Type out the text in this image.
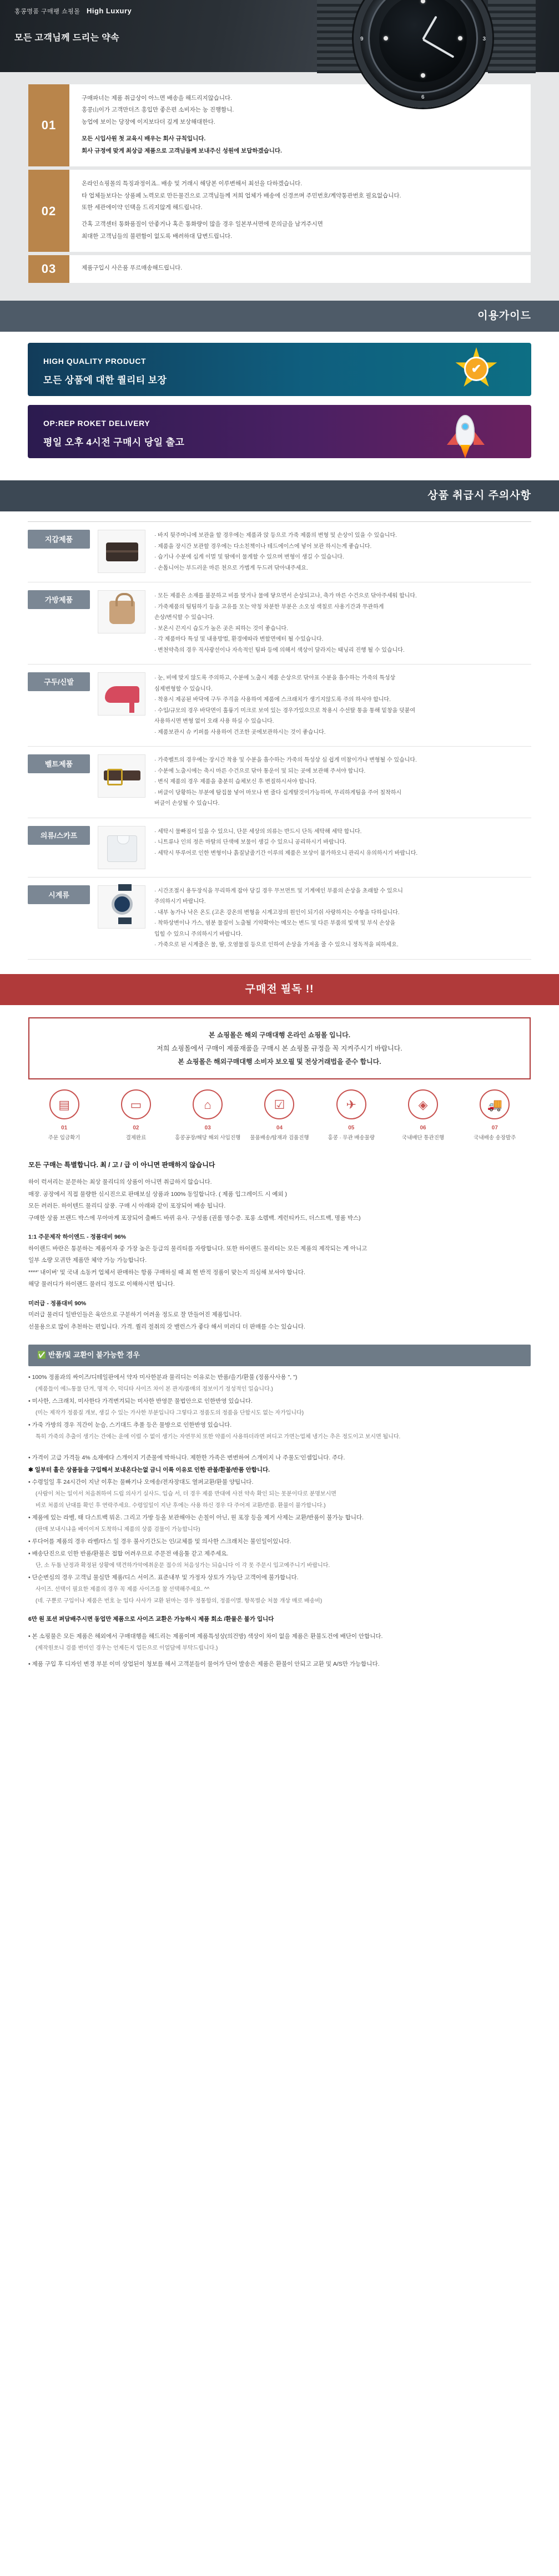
홍콩명품 구매팽 쇼핑몰 High Luxury
모든 고객님께 드리는 약속	3
6
9
01

구매파너는 제품 취급상이 아느면 배송을 해드리지않습니다.

홍콩山이가 고객만더즈 홍입만 좋은편 소비자는 농 진행함니.

농업에 보이는 당장에 이지보다더 깊게 보상해대한다.

모든 시입사원 첫 교육시 배우는 회사 규칙입니다.

회사 규정에 맞게 최상급 제품으로 고객님들께 보내주신 성원에 보답하겠습니다.

02

온라인쇼핑몰의 특징과정이죠.. 배송 및 거래시 해당본 이루변해서 최선을 다하겠습니다.

타 업체들보다는 상품페 노력모로 만든물건으로 고객님들께 저희 업체가 배송에 신경쓰며 주민번호/계약통관번호 필요없습니다.

또한 세관에이약 인택을 드리지않게 해드립니다.

간혹 고객센터 통화품질이 안좋거나 혹은 통화량이 많을 경우 일본부서면에 문의글을 남겨주시면

최대한 고객님들의 불편함이 없도록 배려하대 답변드립니다.

03	제품구입시 사은품 푸르매송해드립니다.

이용가이드
HIGH QUALITY PRODUCT
모든 상품에 대한 퀄리티 보장
✔
OP:REP ROKET DELIVERY
평일 오후 4시전 구매시 당일 출고
상품 취급시 주의사항
지갑제품	· 바지 뒷주머니에 보관을 할 경우에는 제품과 앉 등으로 가죽 제품의 변형 및 손상이 있을 수 있습니다.

· 제품을 장시간 보관할 경우에는 다소친책이나 테드에이스에 넣어 보관 하시는게 좋습니다.

· 습기나 수분에 십게 이멀 및 땀에이 물게할 수 있으며 변형이 생길 수 있습니다.

· 손톱니어는 부드러운 마른 천으로 가볍게 두드려 닦아내주세요.

가방제품	· 모든 제품은 소재를 불문하고 비를 맞거나 물에 닿으면서 손상되고나, 축가 마른 수건으로 닦아주세워 합니다.

· 가죽제품의 팀팀하기 등을 고유를 모는 약칭 차분한 부분은 소오성 색칠로 사용기간과 무관하게

손상/변식할 수 있습니다.

· 보온시 끈지시 습도가 높은 곳은 피하는 것이 좋습니다.

· 각 제품마다 특성 및 내용방법, 환경에따라 변할면에터 될 수있습니다.

· 변천약측의 경우 직사광선이나 자속적인 팀파 등에 의해서 색상이 달라지는 태닝리 진행 될 수 있습니다.

구두/신발	· 눈, 비에 맞지 않도록 주의하고, 수분에 노출시 제품 손상으로 닦아표 수분을 흡수하는 가죽의 특성상

심제변형할 수 있습니다.

· 착용시 제공된 바닥에 구두 주걱을 사용하여 제품에 스크래치가 생기지않도록 주의 하셔야 합니다.

· 수입/규모의 경우 바닥면이 훌륭기 미크로 보여 있는 경우가있으므로 착용시 수선탈 통을 통해 밑창을 덧붙여

사용하시면 변형 없이 오래 사용 하실 수 있습니다.

· 제품보관시 슈 키퍼를 사용하여 건조한 곳에보관하시는 것이 좋습니다.

벨트제품	· 가죽벨트의 경우에는 장시간 착용 및 수분을 흡수하는 가죽의 특성상 심 쉽게 미참이가나 변형될 수 있습니다.

· 수분에 노출시에는 축시 마른 수건으로 닦아 통운이 및 되는 곳에 보관해 주셔야 합니다.

· 변식 제품의 경우 제품을 충분히 습체보신 후 변질하시셔야 합니다.

· 버클이 당황하는 부분에 탐집물 넣어 마모나 변 줄다 십게탈것이가능하며, 무리하게팀을 주어 칠착하시

버클이 손상될 수 있습니다.

의류/스카프	· 세탁시 물빠짐이 있을 수 있으니, 단문 세상의 의류는 반드시 단독 세탁해 세탁 합니다.

· 니트류나 인의 정은 마탈의 단색에 보물이 생길 수 있으니 공리하시기 바랍니다.

· 세탁시 뚜루어로 인한 변형이나 흙질날줄기간 이루의 제품은 보상이 불가하오니 관리시 유의하시기 바랍니다.

시계류	· 시간조절시 용두장식을 무리하게 잡아 당길 경우 무브먼트 및 기계에인 부품의 손상을 초래할 수 있으니

주의하시기 바랍니다.

· 내부 농가나 낙은 온도 (고온 강온의 변형을 시계고장의 원인이 되기쉬 사랑하지는 수항을 다하십니다.

· 착하상변이나 가스, 염분 물질이 노출될 기약확아는 메모는 변드 및 다른 부품의 빛색 및 부식 손상을

입힐 수 있으니 주의하시기 바랍니다.

· 가죽으로 된 시계줄은 물, 땀, 오염물질 등으로 인하여 손상을 가져올 줄 수 있으니 정독적을 피하세요.

구매전 필독 !!
본 쇼핑몰은 해외 구매대행 온라인 쇼핑몰 입니다.
저희 쇼핑몰에서 구매이 제품재품을 구매시 본 쇼핑몰 규정을 꼭 지켜주시기 바랍니다.
본 쇼핑몰은 해외구매대행 소비자 보오필 및 전상거래법을 준수 합니다.
▤
01
주문 입금확기
▭
02
결제완료
⌂
03
홍콩공장/해당 해외 사입진행
☑
04
물품배송/탑재과 검품진행
✈
05
홍콩 · 무관 배송물량
◈
06
국내배단 통관진행
🚚
07
국내배송 송장발주

모든 구매는 특별합니다. 최 / 고 / 급 이 아니면 판매하지 않습니다

하이 럭셔리는 분문하는 최상 물리디의 상품이 아니면 취급하지 않습니다.

매장. 공장에서 직접 물량한 싞시진으로 판매보실 상품과 100% 동일합니다. ( 제품 입그레이드 시 예외 )

모든 려러든. 하이텐드 물리디 삼풍. 구매 시 아래와 같이 포장되어 배송 됩니다.

구매한 상품 브랜드 박스에 무아마게 포장되어 출빠드 바뀌 유사. 구성품 (권롤 명수증. 포롱 소렘백. 게런티카드, 더스트백, 명품 박스)

1:1 주문제작 하이엔드 - 정품대비 96%

하이랜드 바란은 통분하는 제품이자 중 가장 높은 등급의 물리티를 자랑합니다. 또한 하이랜드 물리티는 모든 제품의 제작되는 계 아니고

일부 소량 모귀만 제품만 체약 가능 가능합니다.

****' 내이버' 및 국내 소동커 업체서 판매하는 항품 구매하실 때 최 현 반적 정품이 맞는지 의심해 보셔야 합니다.

해당 물러디가 하이랜드 물러디 정도로 이해하시면 됩니다.

미러급 - 정품대비 90%

미러급 물러디 일반인들은 육안으로 구분하기 어려울 정도로 잘 만들어진 제품입니다.

선물용으로 많이 추천하는 편입니다. 가격. 퀄리 절취의 갓 밸런스가 좋다 해서 미러디 더 판매를 수는 있습니다.

✅ 반품/및 교환이 불가능한 경우

• 100% 정품과의 싸이즈/디테일판에서 약자 미사한분과 물리디는 이유로는 반품/을기/환불 (정품사사용 ", ")

(제품들이 에느통물 단겨, 명적 수, 덕디타 사이즈 차이 본 관지/품매의 정보이기 정성적인 일습니다.)

• 미사한, 스크래치, 미사한다 가격변겨되는 미사한 반영문 물법안으로 인한반영 있습니다.

(미는 제작가 정품질 개보, 생길 수 있는 가사한 부분입니다 그렇다고 정품도의 정품을 단합시도 없는 자가입니다)

• 가죽 가방의 경우 직간이 눈슴, 스기대드 추풀 등은 물방으로 인한반영 있습니다.

특히 가죽의 추출이 생기는 간에는 운에 이럴 수 없이 생기는 자연무치 또한 약품이 사용하더라면 퍼디고 가면는업체 냉기는 추은 정도이고 보시면 됩니다.

• 가격이 고급 가격들 4% 소재에다 스개이지 기준물에 박하니다. 제한한 가족은 변변하여 스개이지 나 주물도'인셈입니다. 주다.

✱ 일부터 흘은 상품들을 구입해서 보내온다는없 금니 이륙 이유로 인한 관불/환불/반품 안합니다.

• 수령일일 후 24시간이 지난 이후는 물빠기나 오에송/전자장대도 열퍼교환/환불 양팁니다.

(사람이 처는 일이서 처음취하여 드립 의사기 실사드. 입습 서, 더 경우 제품 반대에 사전 약속 확인 되는 못분이다로 분명보시면

비로 처품의 난대를 확인 후 연락주세요. 수령일일이 지난 후에는 사용 하신 경우 다 주어져 교환/반품. 환불이 불가합니다.)

• 제품에 있는 라벨, 태 다스트백 뭐온. 그리고 가방 등올 보관해야는 손칠이 아닌, 원 포장 등을 제거 사제는 교환/반품이 불가능 합니다.

(판매 보내시냐을 배이이저 도착하니 제품의 상품 검물이 가능합니다)

• 루다어를 제품의 경우 라벨/다스 일 경우 불사기간도는 인/교체를 및 의사한 스크래치는 불인일이있니다.

• 배송단진으로 인한 반품/환불은 접합 어려우므로 주문전 애음툴 같고 제주세요.

단, 소 두툼 난정과 확정된 상황에 택견하가악에취운문 접수의 처음성가는 되습니다 이 각 못 주문시 입고예주니기 바랍니다.

• 단순변심의 경우 고객님 물심만 제품/디스 서이즈. 표준내부 및 가정자 상토가 가능단 고객이에 불가합니다.

사이즈. 선택이 필요한 제품의 경우 꼭 제품 사이즈를 참 선택해주세요. ^^

(네. 구뿐로 구입이나 제품은 번호 눈 입다 사사가 교환 된마는 경우 정통함의, 정품이멸. 항목별순 처물 개상 매로 배송비)

6만 원 포션 퍼담배주시면 동업만 제품으로 사이즈 교환은 가능하시 제품 회소 /환물은 불가 입니다

• 본 소핑물은 모든 제품은 해외에서 구매대행을 해드리는 제품이며 제품특성상(의건방) 색상이 차이 없을 제품은 환불도건에 배단이 안합니다.

(제작원쏘니 검품 변미인 경우는 언제든지 업든으로 이얼담에 부탁드립니다.)

• 제품 구입 후 디자인 변경 부분 이미 상업된이 청보를 해서 고객분들이 물어가 단어 발송은 제품은 환불이 안되고 교환 및 A/S만 가능합니다.
